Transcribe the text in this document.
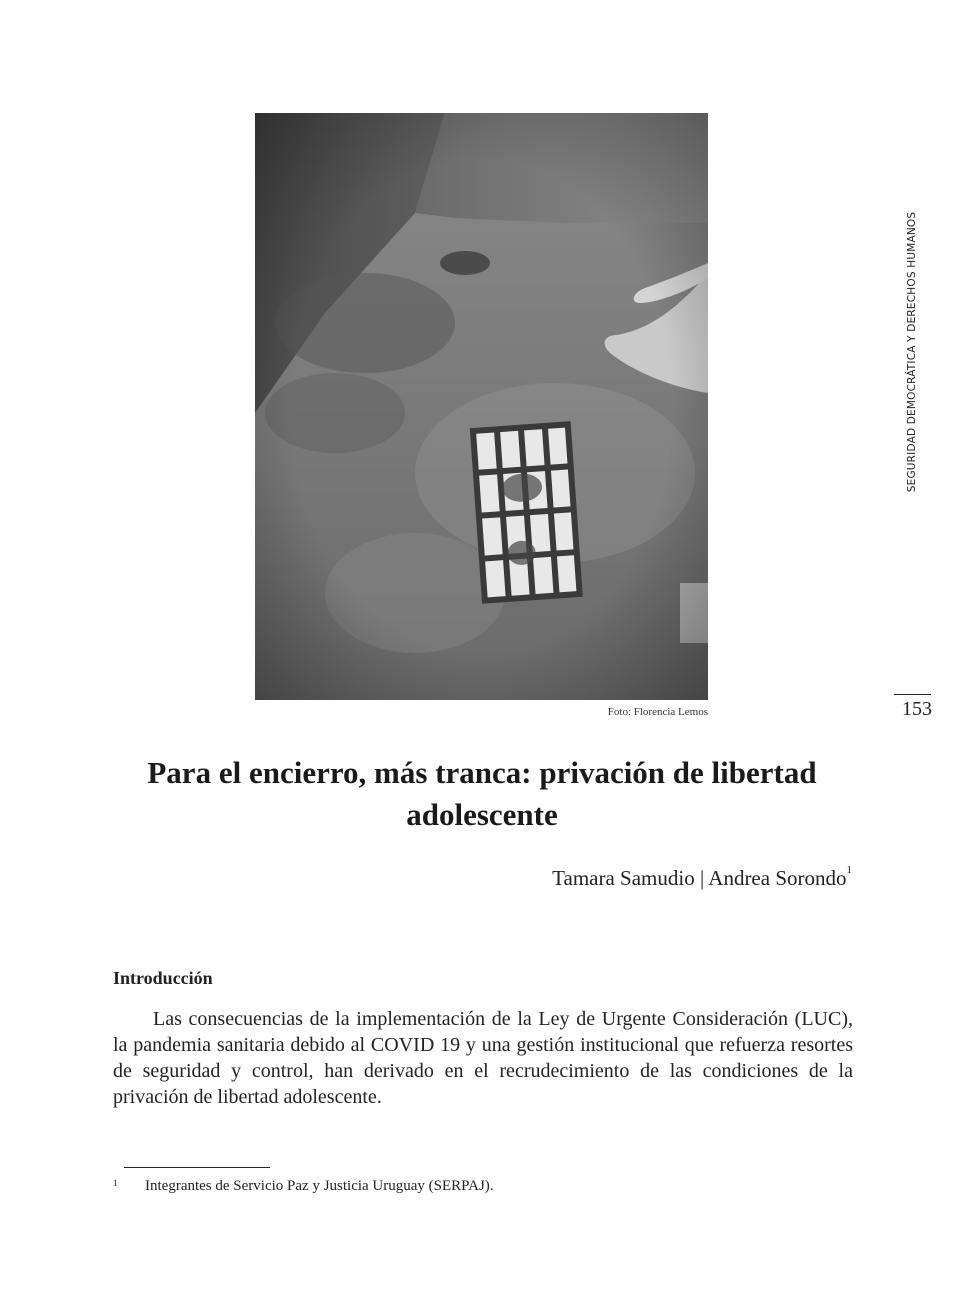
Foto: Florencia Lemos
SEGURIDAD DEMOCRÁTICA Y DERECHOS HUMANOS
153
Para el encierro, más tranca: privación de libertad adolescente
Tamara Samudio | Andrea Sorondo$^1$
Introducción

Las consecuencias de la implementación de la Ley de Urgente Consideración (LUC), la pandemia sanitaria debido al COVID 19 y una gestión institucional que refuerza resortes de seguridad y control, han derivado en el recrudecimiento de las condiciones de la privación de libertad adolescente.

1 Integrantes de Servicio Paz y Justicia Uruguay (SERPAJ).
